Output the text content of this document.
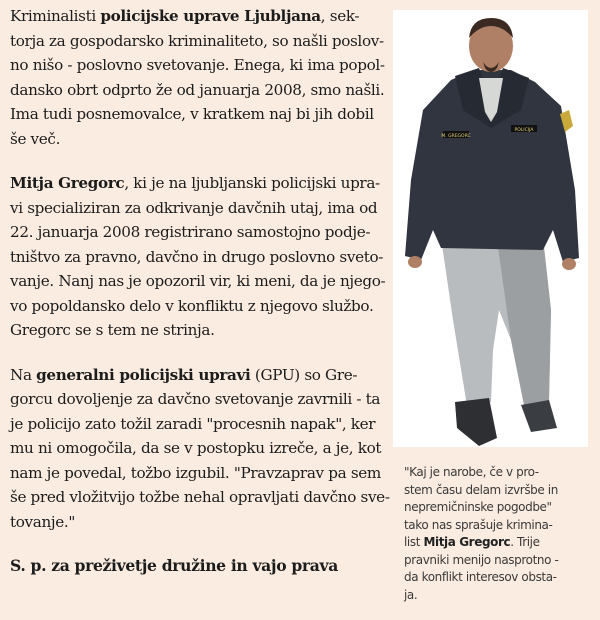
Kriminalisti policijske uprave Ljubljana, sek-
torja za gospodarsko kriminaliteto, so našli poslov-
no nišo - poslovno svetovanje. Enega, ki ima popol-
dansko obrt odprto že od januarja 2008, smo našli.
Ima tudi posnemovalce, v kratkem naj bi jih dobil
še več.

Mitja Gregorc, ki je na ljubljanski policijski upra-
vi specializiran za odkrivanje davčnih utaj, ima od
22. januarja 2008 registrirano samostojno podje-
tništvo za pravno, davčno in drugo poslovno sveto-
vanje. Nanj nas je opozoril vir, ki meni, da je njego-
vo popoldansko delo v konfliktu z njegovo službo.
Gregorc se s tem ne strinja.

Na generalni policijski upravi (GPU) so Gre-
gorcu dovoljenje za davčno svetovanje zavrnili - ta
je policijo zato tožil zaradi "procesnih napak", ker
mu ni omogočila, da se v postopku izreče, a je, kot
nam je povedal, tožbo izgubil. "Pravzaprav pa sem
še pred vložitvijo tožbe nehal opravljati davčno sve-
tovanje."

S. p. za preživetje družine in vajo prava
M. GREGORC
POLICIJA
"Kaj je narobe, če v pro-
stem času delam izvršbe in
nepremičninske pogodbe"
tako nas sprašuje krimina-
list Mitja Gregorc. Trije
pravniki menijo nasprotno -
da konflikt interesov obsta-
ja.
